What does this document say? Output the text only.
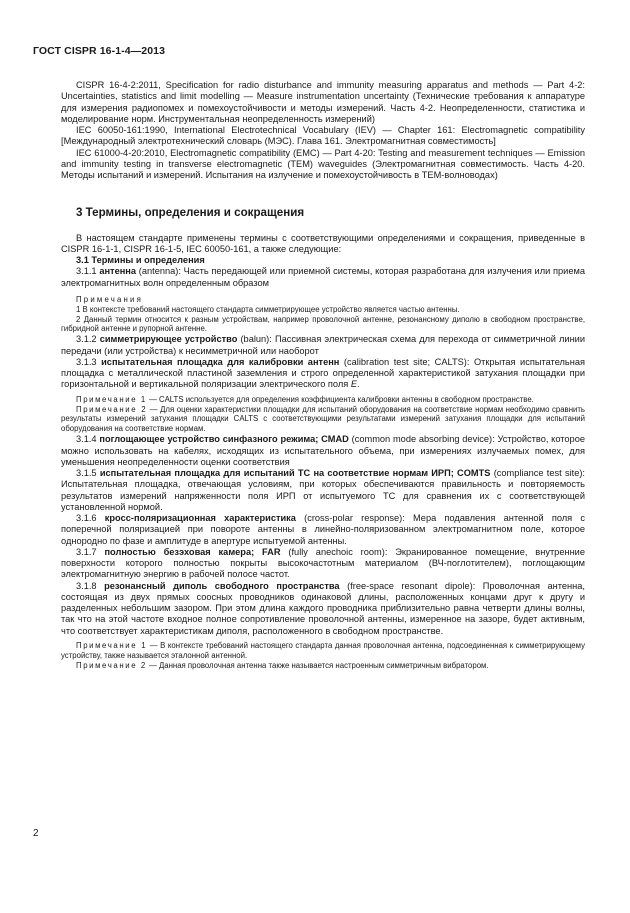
ГОСТ CISPR 16-1-4—2013

CISPR 16-4-2:2011, Specification for radio disturbance and immunity measuring apparatus and methods — Part 4-2: Uncertainties, statistics and limit modelling — Measure instrumentation uncertainty (Технические требования к аппаратуре для измерения радиопомех и помехоустойчивости и методы измерений. Часть 4-2. Неопределенности, статистика и моделирование норм. Инструментальная неопределенность измерений)

IEC 60050-161:1990, International Electrotechnical Vocabulary (IEV) — Chapter 161: Electromagnetic compatibility [Международный электротехнический словарь (МЭС). Глава 161. Электромагнитная совместимость]

IEC 61000-4-20:2010, Electromagnetic compatibility (EMC) — Part 4-20: Testing and measurement techniques — Emission and immunity testing in transverse electromagnetic (TEM) waveguides (Электромагнитная совместимость. Часть 4-20. Методы испытаний и измерений. Испытания на излучение и помехоустойчивость в ТЕМ-волноводах)

3 Термины, определения и сокращения

В настоящем стандарте применены термины с соответствующими определениями и сокращения, приведенные в CISPR 16-1-1, CISPR 16-1-5, IEC 60050-161, а также следующие:

3.1 Термины и определения

3.1.1 антенна (antenna): Часть передающей или приемной системы, которая разработана для излучения или приема электромагнитных волн определенным образом

Примечания

1 В контексте требований настоящего стандарта симметрирующее устройство является частью антенны.

2 Данный термин относится к разным устройствам, например проволочной антенне, резонансному диполю в свободном пространстве, гибридной антенне и рупорной антенне.

3.1.2 симметрирующее устройство (balun): Пассивная электрическая схема для перехода от симметричной линии передачи (или устройства) к несимметричной или наоборот

3.1.3 испытательная площадка для калибровки антенн (calibration test site; CALTS): Открытая испытательная площадка с металлической пластиной заземления и строго определенной характеристикой затухания площадки при горизонтальной и вертикальной поляризации электрического поля E.

Примечание 1 — CALTS используется для определения коэффициента калибровки антенны в свободном пространстве.

Примечание 2 — Для оценки характеристики площадки для испытаний оборудования на соответствие нормам необходимо сравнить результаты измерений затухания площадки CALTS с соответствующими результатами измерений затухания площадки для испытаний оборудования на соответствие нормам.

3.1.4 поглощающее устройство синфазного режима; CMAD (common mode absorbing device): Устройство, которое можно использовать на кабелях, исходящих из испытательного объема, при измерениях излучаемых помех, для уменьшения неопределенности оценки соответствия

3.1.5 испытательная площадка для испытаний ТС на соответствие нормам ИРП; COMTS (compliance test site): Испытательная площадка, отвечающая условиям, при которых обеспечиваются правильность и повторяемость результатов измерений напряженности поля ИРП от испытуемого ТС для сравнения их с соответствующей установленной нормой.

3.1.6 кросс-поляризационная характеристика (cross-polar response): Мера подавления антенной поля с поперечной поляризацией при повороте антенны в линейно-поляризованном электромагнитном поле, которое однородно по фазе и амплитуде в апертуре испытуемой антенны.

3.1.7 полностью безэховая камера; FAR (fully anechoic room): Экранированное помещение, внутренние поверхности которого полностью покрыты высокочастотным материалом (ВЧ-поглотителем), поглощающим электромагнитную энергию в рабочей полосе частот.

3.1.8 резонансный диполь свободного пространства (free-space resonant dipole): Проволочная антенна, состоящая из двух прямых соосных проводников одинаковой длины, расположенных концами друг к другу и разделенных небольшим зазором. При этом длина каждого проводника приблизительно равна четверти длины волны, так что на этой частоте входное полное сопротивление проволочной антенны, измеренное на зазоре, будет активным, что соответствует характеристикам диполя, расположенного в свободном пространстве.

Примечание 1 — В контексте требований настоящего стандарта данная проволочная антенна, подсоединенная к симметрирующему устройству, также называется эталонной антенной.

Примечание 2 — Данная проволочная антенна также называется настроенным симметричным вибратором.

2
